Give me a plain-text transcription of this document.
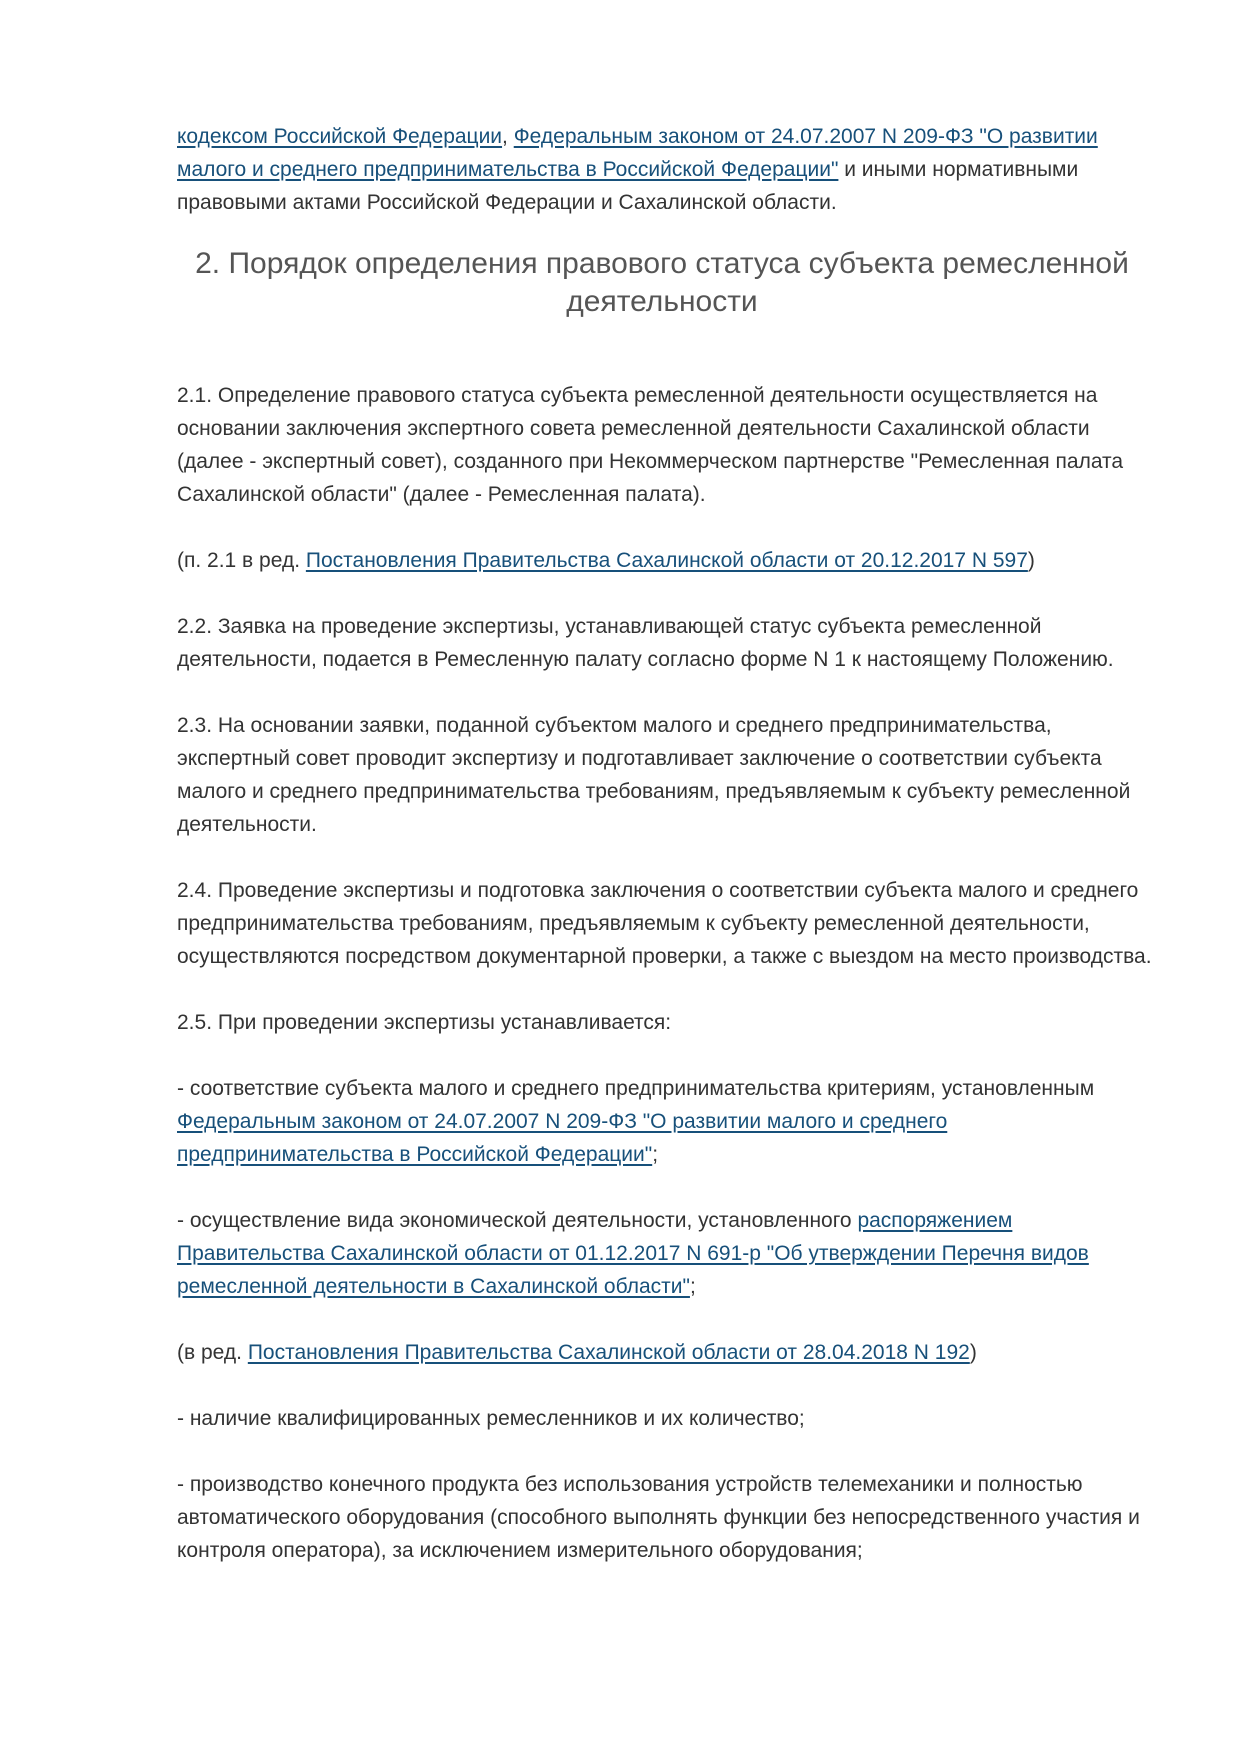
кодексом Российской Федерации, Федеральным законом от 24.07.2007 N 209-ФЗ "О развитии малого и среднего предпринимательства в Российской Федерации" и иными нормативными правовыми актами Российской Федерации и Сахалинской области.

2. Порядок определения правового статуса субъекта ремесленной деятельности

2.1. Определение правового статуса субъекта ремесленной деятельности осуществляется на основании заключения экспертного совета ремесленной деятельности Сахалинской области (далее - экспертный совет), созданного при Некоммерческом партнерстве "Ремесленная палата Сахалинской области" (далее - Ремесленная палата).

(п. 2.1 в ред. Постановления Правительства Сахалинской области от 20.12.2017 N 597)

2.2. Заявка на проведение экспертизы, устанавливающей статус субъекта ремесленной деятельности, подается в Ремесленную палату согласно форме N 1 к настоящему Положению.

2.3. На основании заявки, поданной субъектом малого и среднего предпринимательства, экспертный совет проводит экспертизу и подготавливает заключение о соответствии субъекта малого и среднего предпринимательства требованиям, предъявляемым к субъекту ремесленной деятельности.

2.4. Проведение экспертизы и подготовка заключения о соответствии субъекта малого и среднего предпринимательства требованиям, предъявляемым к субъекту ремесленной деятельности, осуществляются посредством документарной проверки, а также с выездом на место производства.

2.5. При проведении экспертизы устанавливается:

- соответствие субъекта малого и среднего предпринимательства критериям, установленным Федеральным законом от 24.07.2007 N 209-ФЗ "О развитии малого и среднего предпринимательства в Российской Федерации";

- осуществление вида экономической деятельности, установленного распоряжением Правительства Сахалинской области от 01.12.2017 N 691-р "Об утверждении Перечня видов ремесленной деятельности в Сахалинской области";

(в ред. Постановления Правительства Сахалинской области от 28.04.2018 N 192)

- наличие квалифицированных ремесленников и их количество;

- производство конечного продукта без использования устройств телемеханики и полностью автоматического оборудования (способного выполнять функции без непосредственного участия и контроля оператора), за исключением измерительного оборудования;
